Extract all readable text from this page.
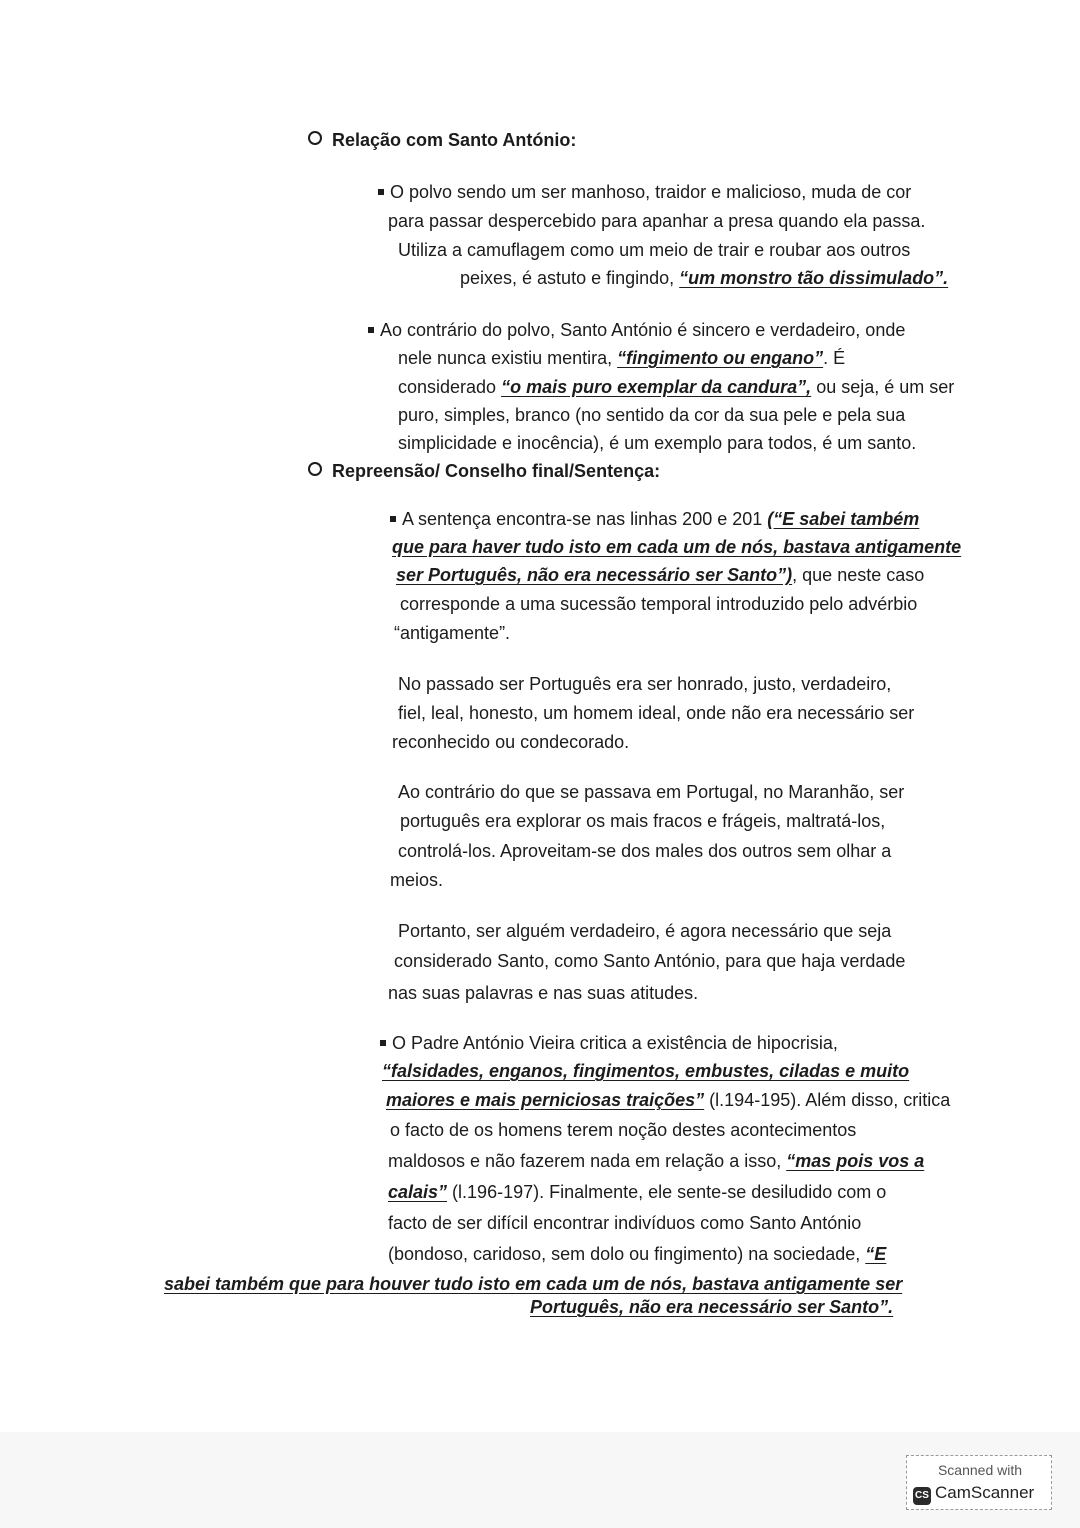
Relação com Santo António:

O polvo sendo um ser manhoso, traidor e malicioso, muda de cor

para passar despercebido para apanhar a presa quando ela passa.

Utiliza a camuflagem como um meio de trair e roubar aos outros

peixes, é astuto e fingindo, “um monstro tão dissimulado”.

Ao contrário do polvo, Santo António é sincero e verdadeiro, onde

nele nunca existiu mentira, “fingimento ou engano”. É

considerado “o mais puro exemplar da candura”, ou seja, é um ser

puro, simples, branco (no sentido da cor da sua pele e pela sua

simplicidade e inocência), é um exemplo para todos, é um santo.

Repreensão/ Conselho final/Sentença:

A sentença encontra-se nas linhas 200 e 201 (“E sabei também

que para haver tudo isto em cada um de nós, bastava antigamente

ser Português, não era necessário ser Santo”), que neste caso

corresponde a uma sucessão temporal introduzido pelo advérbio

“antigamente”.

No passado ser Português era ser honrado, justo, verdadeiro,

fiel, leal, honesto, um homem ideal, onde não era necessário ser

reconhecido ou condecorado.

Ao contrário do que se passava em Portugal, no Maranhão, ser

português era explorar os mais fracos e frágeis, maltratá-los,

controlá-los. Aproveitam-se dos males dos outros sem olhar a

meios.

Portanto, ser alguém verdadeiro, é agora necessário que seja

considerado Santo, como Santo António, para que haja verdade

nas suas palavras e nas suas atitudes.

O Padre António Vieira critica a existência de hipocrisia,

“falsidades, enganos, fingimentos, embustes, ciladas e muito

maiores e mais perniciosas traições” (l.194-195). Além disso, critica

o facto de os homens terem noção destes acontecimentos

maldosos e não fazerem nada em relação a isso, “mas pois vos a

calais” (l.196-197). Finalmente, ele sente-se desiludido com o

facto de ser difícil encontrar indivíduos como Santo António

(bondoso, caridoso, sem dolo ou fingimento) na sociedade, “E

sabei também que para houver tudo isto em cada um de nós, bastava antigamente ser

Português, não era necessário ser Santo”.

Scanned with
CS CamScanner
